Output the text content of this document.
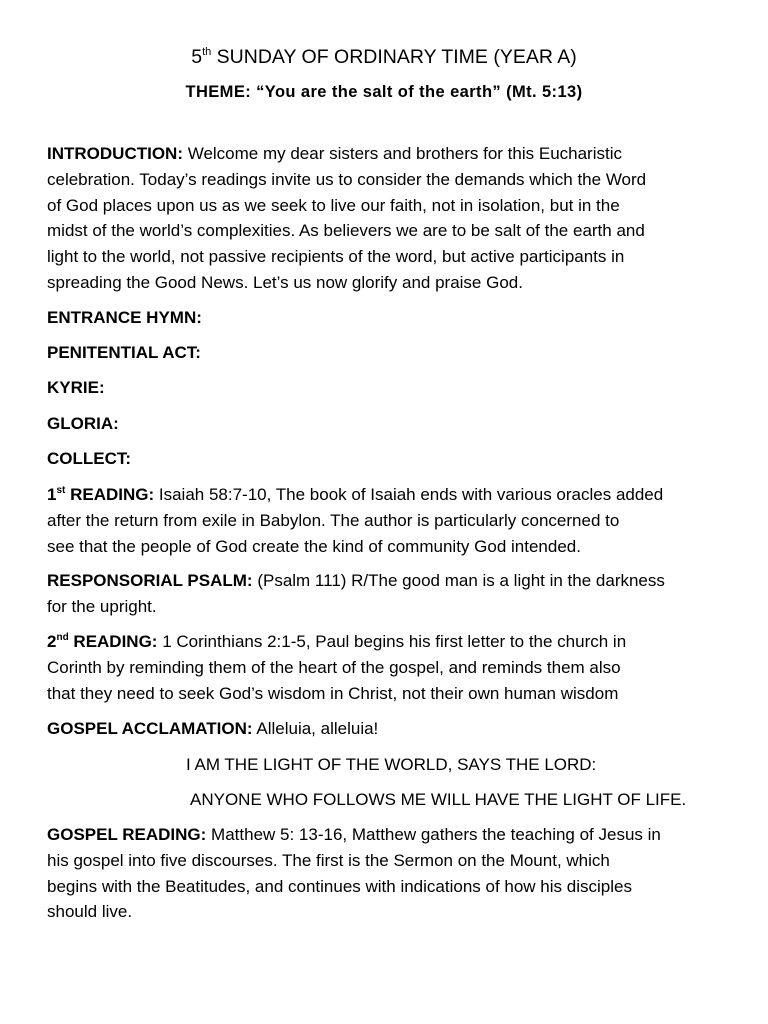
5th SUNDAY OF ORDINARY TIME (YEAR A)
THEME: “You are the salt of the earth” (Mt. 5:13)
INTRODUCTION: Welcome my dear sisters and brothers for this Eucharistic
celebration. Today’s readings invite us to consider the demands which the Word
of God places upon us as we seek to live our faith, not in isolation, but in the
midst of the world’s complexities. As believers we are to be salt of the earth and
light to the world, not passive recipients of the word, but active participants in
spreading the Good News. Let’s us now glorify and praise God.
ENTRANCE HYMN:
PENITENTIAL ACT:
KYRIE:
GLORIA:
COLLECT:
1st READING: Isaiah 58:7-10, The book of Isaiah ends with various oracles added
after the return from exile in Babylon. The author is particularly concerned to
see that the people of God create the kind of community God intended.
RESPONSORIAL PSALM: (Psalm 111) R/The good man is a light in the darkness
for the upright.
2nd READING: 1 Corinthians 2:1-5, Paul begins his first letter to the church in
Corinth by reminding them of the heart of the gospel, and reminds them also
that they need to seek God’s wisdom in Christ, not their own human wisdom
GOSPEL ACCLAMATION: Alleluia, alleluia!
I AM THE LIGHT OF THE WORLD, SAYS THE LORD:
ANYONE WHO FOLLOWS ME WILL HAVE THE LIGHT OF LIFE.
GOSPEL READING: Matthew 5: 13-16, Matthew gathers the teaching of Jesus in
his gospel into five discourses. The first is the Sermon on the Mount, which
begins with the Beatitudes, and continues with indications of how his disciples
should live.
